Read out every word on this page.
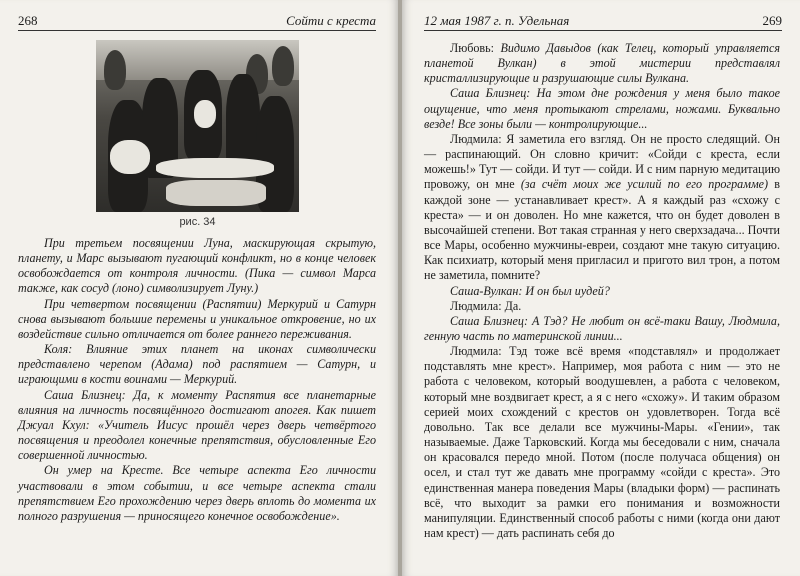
268	Сойти с креста
рис. 34

При третьем посвящении Луна, маскирующая скрытую, планету, и Марс вызывают пугающий конфликт, но в конце человек освобождается от контроля личности. (Пика — символ Марса также, как сосуд (лоно) символизирует Луну.)

При четвертом посвящении (Распятии) Меркурий и Сатурн снова вызывают большие перемены и уникальное откровение, но их воздействие сильно отличается от более раннего переживания.

Коля: Влияние этих планет на иконах символически представлено черепом (Адама) под распятием — Сатурн, и играющими в кости воинами — Меркурий.

Саша Близнец: Да, к моменту Распятия все планетарные влияния на личность посвящённого достигают апогея. Как пишет Джуал Кхул: «Учитель Иисус прошёл через дверь четвёртого посвящения и преодолел конечные препятствия, обусловленные Его совершенной личностью.

Он умер на Кресте. Все четыре аспекта Его личности участвовали в этом событии, и все четыре аспекта стали препятствием Его прохождению через дверь вплоть до момента их полного разрушения — приносящего конечное освобождение».

12 мая 1987 г. п. Удельная	269

Любовь: Видимо Давыдов (как Телец, который управляется планетой Вулкан) в этой мистерии представлял кристаллизирующие и разрушающие силы Вулкана.

Саша Близнец: На этом дне рождения у меня было такое ощущение, что меня протыкают стрелами, ножами. Буквально везде! Все зоны были — контролирующие...

Людмила: Я заметила его взгляд. Он не просто следящий. Он — распинающий. Он словно кричит: «Сойди с креста, если можешь!» Тут — сойди. И тут — сойди. И с ним парную медитацию провожу, он мне (за счёт моих же усилий по его программе) в каждой зоне — устанавливает крест». А я каждый раз «схожу с креста» — и он доволен. Но мне кажется, что он будет доволен в высочайшей степени. Вот такая странная у него сверхзадача... Почти все Мары, особенно мужчины-евреи, создают мне такую ситуацию. Как психиатр, который меня пригласил и пригото вил трон, а потом не заметила, помните?

Саша-Вулкан: И он был иудей?

Людмила: Да.

Саша Близнец: А Тэд? Не любит он всё-таки Вашу, Людмила, генную часть по материнской линии...

Людмила: Тэд тоже всё время «подставлял» и продолжает подставлять мне крест». Например, моя работа с ним — это не работа с человеком, который воодушевлен, а работа с человеком, который мне воздвигает крест, а я с него «схожу». И таким образом серией моих схождений с крестов он удовлетворен. Тогда всё довольно. Так все делали все мужчины-Мары. «Гении», так называемые. Даже Тарковский. Когда мы беседовали с ним, сначала он красовался передо мной. Потом (после получаса общения) он осел, и стал тут же давать мне программу «сойди с креста». Это единственная манера поведения Мары (владыки форм) — распинать всё, что выходит за рамки его понимания и возможности манипуляции. Единственный способ работы с ними (когда они дают нам крест) — дать распинать себя до
